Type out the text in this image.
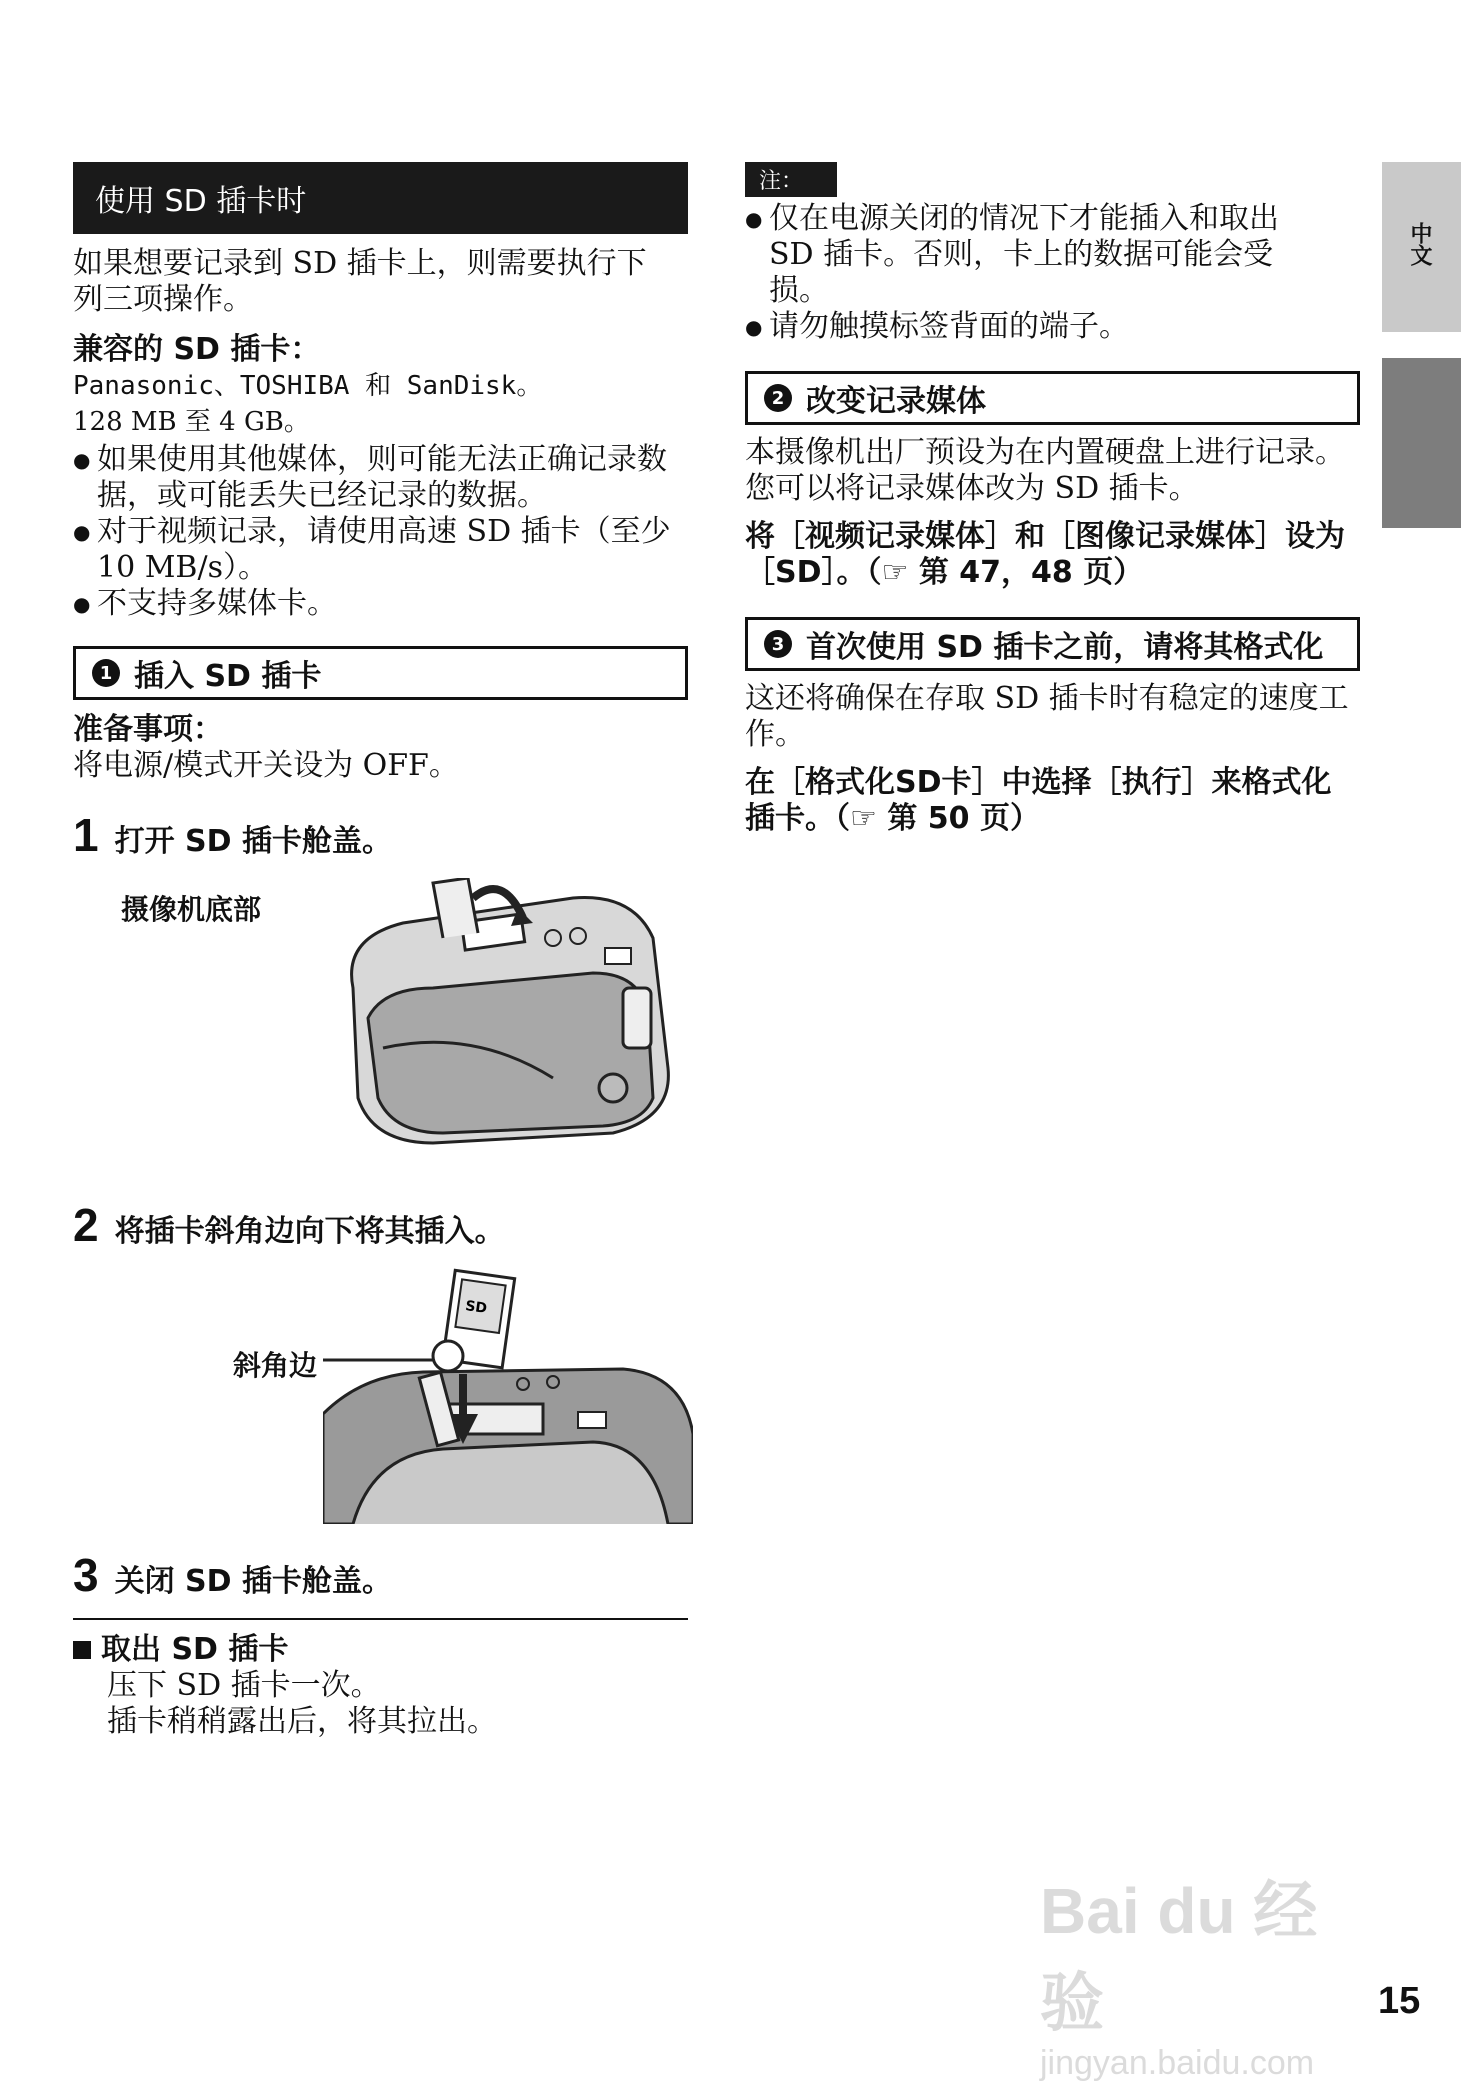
使用 SD 插卡时

如果想要记录到 SD 插卡上，则需要执行下列三项操作。

兼容的 SD 插卡：
Panasonic、TOSHIBA 和 SanDisk。
128 MB 至 4 GB。
● 如果使用其他媒体，则可能无法正确记录数据，或可能丢失已经记录的数据。
● 对于视频记录，请使用高速 SD 插卡（至少 10 MB/s）。
● 不支持多媒体卡。
1 插入 SD 插卡
准备事项：
将电源/模式开关设为 OFF。
1 打开 SD 插卡舱盖。
摄像机底部
2 将插卡斜角边向下将其插入。
斜角边
SD
3 关闭 SD 插卡舱盖。
取出 SD 插卡
压下 SD 插卡一次。
插卡稍稍露出后，将其拉出。
注：
● 仅在电源关闭的情况下才能插入和取出 SD 插卡。否则，卡上的数据可能会受损。
● 请勿触摸标签背面的端子。
2 改变记录媒体

本摄像机出厂预设为在内置硬盘上进行记录。您可以将记录媒体改为 SD 插卡。

将［视频记录媒体］和［图像记录媒体］设为［SD］。（☞ 第 47，48 页）

3 首次使用 SD 插卡之前，请将其格式化

这还将确保在存取 SD 插卡时有稳定的速度工作。

在［格式化SD卡］中选择［执行］来格式化插卡。（☞ 第 50 页）

中文
Bai du 经验
jingyan.baidu.com
15
